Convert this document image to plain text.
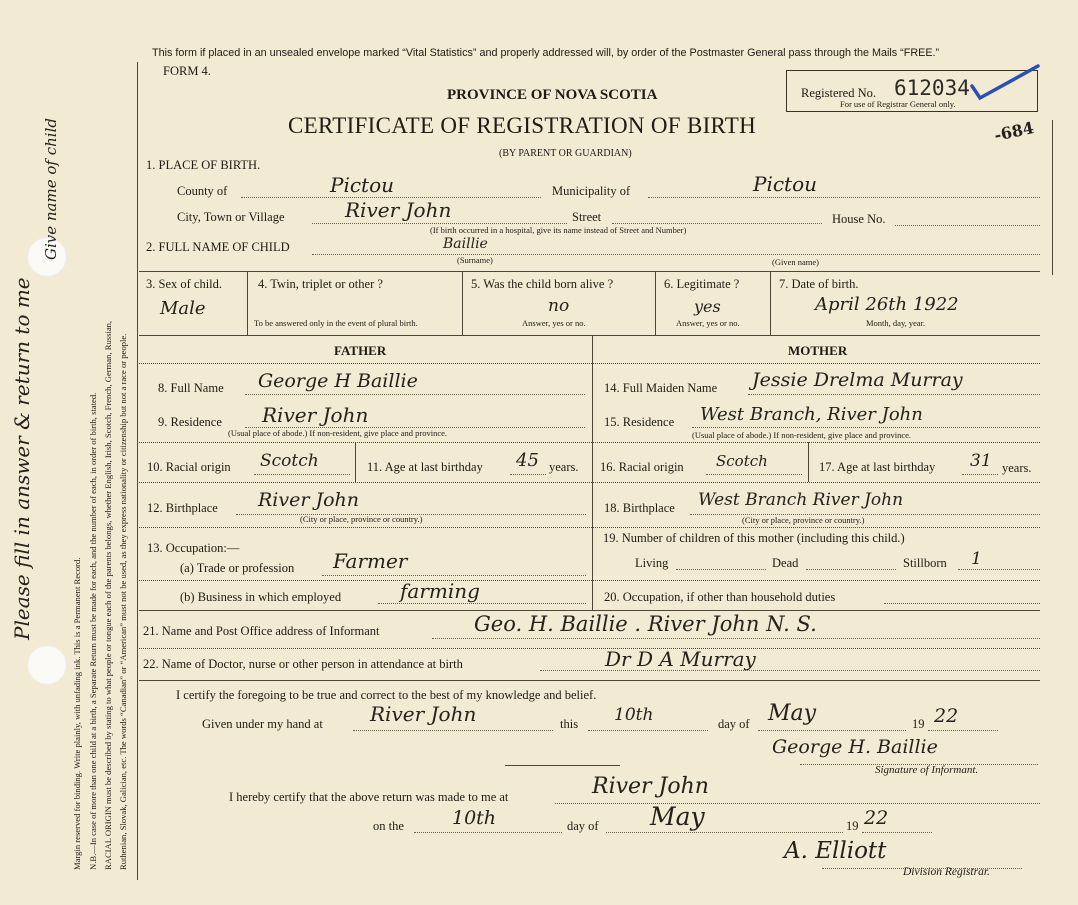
Margin reserved for binding. Write plainly, with unfading ink. This is a Permanent Record. N.B.—In case of more than one child at a birth, a Separate Return must be made for each, and the number of each, in order of birth, stated. RACIAL ORIGIN must be described by stating to what people or tongue each of the parents belongs, whether English, Irish, Scotch, French, German, Russian, Ruthenian, Slovak, Galician, etc. The words “Canadian” or “American” must not be used, as they express nationality or citizenship but not a race or people.
Please fill in answer & return to me
Give name of child
This form if placed in an unsealed envelope marked “Vital Statistics” and properly addressed will, by order of the Postmaster General pass through the Mails “FREE.”
FORM 4.
PROVINCE OF NOVA SCOTIA
CERTIFICATE OF REGISTRATION OF BIRTH
(BY PARENT OR GUARDIAN)
Registered No. 612034
For use of Registrar General only.
-684
1. PLACE OF BIRTH.
County of	Pictou	Municipality of	Pictou
City, Town or Village	River John	Street	House No.
(If birth occurred in a hospital, give its name instead of Street and Number)
2. FULL NAME OF CHILD	Baillie
(Surname)	(Given name)
3. Sex of child.
Male
4. Twin, triplet or other ?
To be answered only in the event of plural birth.
5. Was the child born alive ?
no
Answer, yes or no.
6. Legitimate ?
yes
Answer, yes or no.
7. Date of birth.
April 26th 1922
Month, day, year.
FATHER	MOTHER
8. Full Name George H Baillie
9. Residence River John
(Usual place of abode.) If non-resident, give place and province.
10. Racial origin Scotch	11. Age at last birthday 45 years.
12. Birthplace River John
(City or place, province or country.)
13. Occupation:—
(a) Trade or profession Farmer
(b) Business in which employed	farming
14. Full Maiden Name Jessie Drelma Murray
15. Residence West Branch, River John
(Usual place of abode.) If non-resident, give place and province.
16. Racial origin Scotch	17. Age at last birthday 31 years.
18. Birthplace West Branch River John
(City or place, province or country.)
19. Number of children of this mother (including this child.)
Living	Dead	Stillborn 1
20. Occupation, if other than household duties
21. Name and Post Office address of Informant	Geo. H. Baillie . River John N. S.
22. Name of Doctor, nurse or other person in attendance at birth	Dr D A Murray
I certify the foregoing to be true and correct to the best of my knowledge and belief.
Given under my hand at River John	this 10th	day of May	19 22
George H. Baillie
Signature of Informant.
I hereby certify that the above return was made to me at	River John
on the	10th	day of May	19 22
A. Elliott
Division Registrar.
